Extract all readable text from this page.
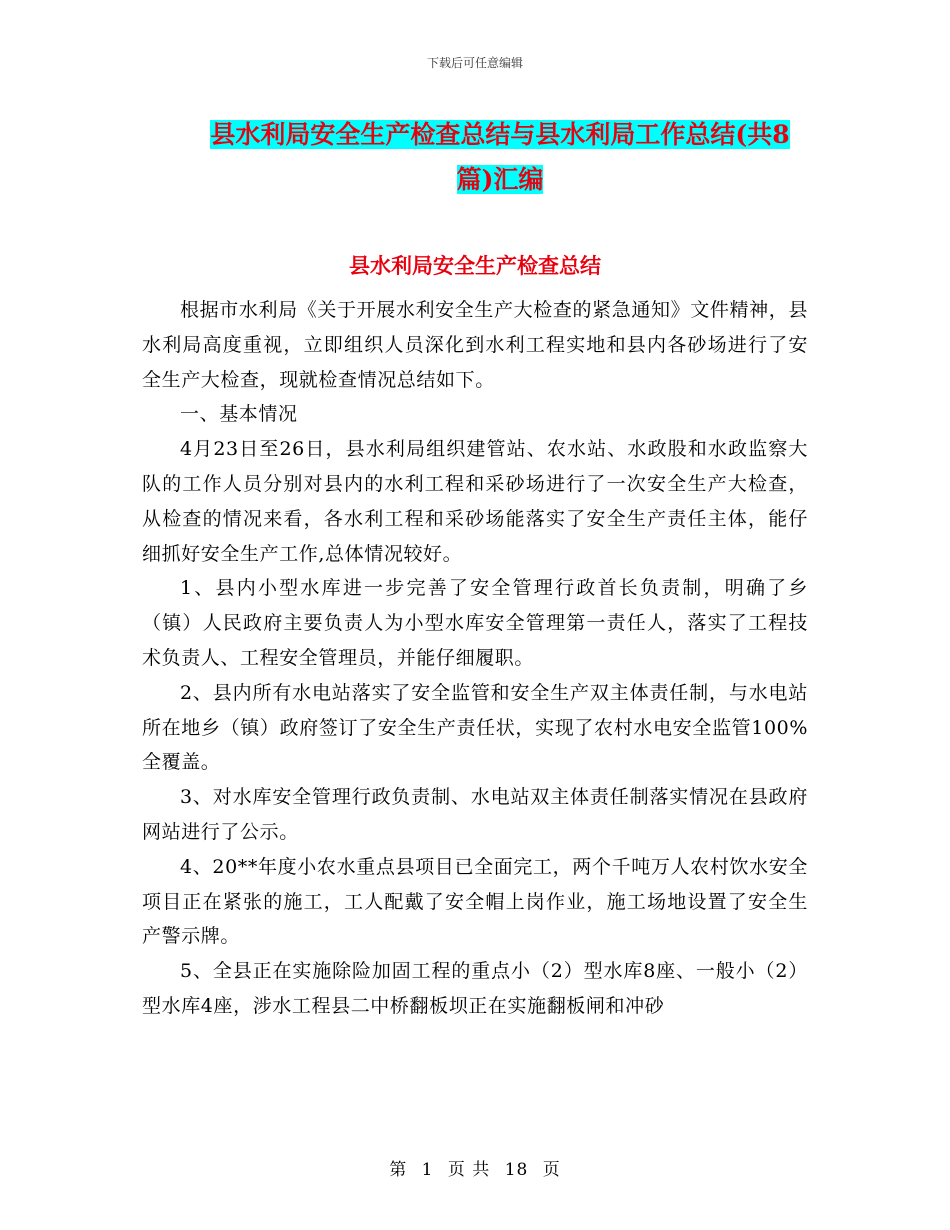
下载后可任意编辑
县水利局安全生产检查总结与县水利局工作总结(共8
篇)汇编
县水利局安全生产检查总结

根据市水利局《关于开展水利安全生产大检查的紧急通知》文件精神，县水利局高度重视，立即组织人员深化到水利工程实地和县内各砂场进行了安全生产大检查，现就检查情况总结如下。

一、基本情况

4月23日至26日，县水利局组织建管站、农水站、水政股和水政监察大队的工作人员分别对县内的水利工程和采砂场进行了一次安全生产大检查，从检查的情况来看，各水利工程和采砂场能落实了安全生产责任主体，能仔细抓好安全生产工作,总体情况较好。

1、县内小型水库进一步完善了安全管理行政首长负责制，明确了乡（镇）人民政府主要负责人为小型水库安全管理第一责任人，落实了工程技术负责人、工程安全管理员，并能仔细履职。

2、县内所有水电站落实了安全监管和安全生产双主体责任制，与水电站所在地乡（镇）政府签订了安全生产责任状，实现了农村水电安全监管100%全覆盖。

3、对水库安全管理行政负责制、水电站双主体责任制落实情况在县政府网站进行了公示。

4、20**年度小农水重点县项目已全面完工，两个千吨万人农村饮水安全项目正在紧张的施工，工人配戴了安全帽上岗作业，施工场地设置了安全生产警示牌。

5、全县正在实施除险加固工程的重点小（2）型水库8座、一般小（2）型水库4座，涉水工程县二中桥翻板坝正在实施翻板闸和冲砂

第 1 页 共 18 页
